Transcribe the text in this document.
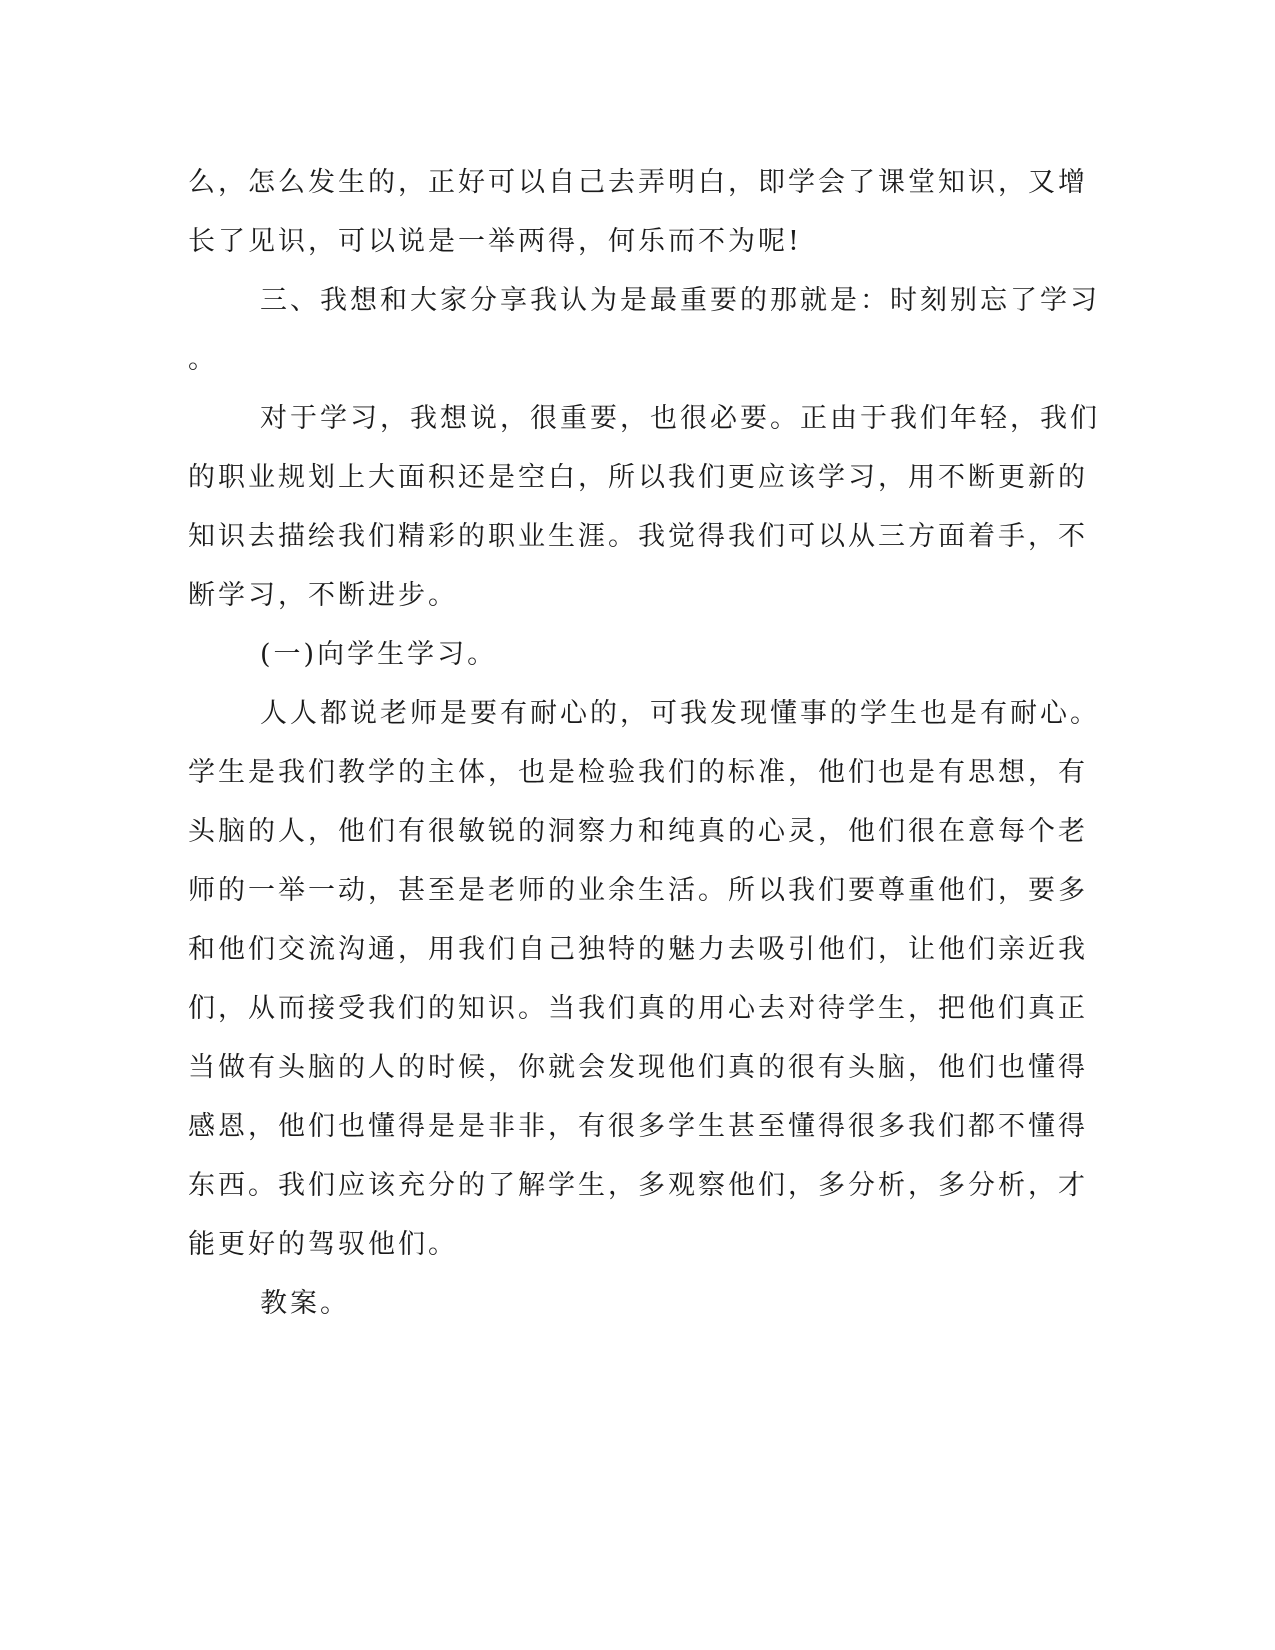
么，怎么发生的，正好可以自己去弄明白，即学会了课堂知识，又增
长了见识，可以说是一举两得，何乐而不为呢!
三、我想和大家分享我认为是最重要的那就是：时刻别忘了学习
。
对于学习，我想说，很重要，也很必要。正由于我们年轻，我们
的职业规划上大面积还是空白，所以我们更应该学习，用不断更新的
知识去描绘我们精彩的职业生涯。我觉得我们可以从三方面着手，不
断学习，不断进步。
(一)向学生学习。
人人都说老师是要有耐心的，可我发现懂事的学生也是有耐心。
学生是我们教学的主体，也是检验我们的标准，他们也是有思想，有
头脑的人，他们有很敏锐的洞察力和纯真的心灵，他们很在意每个老
师的一举一动，甚至是老师的业余生活。所以我们要尊重他们，要多
和他们交流沟通，用我们自己独特的魅力去吸引他们，让他们亲近我
们，从而接受我们的知识。当我们真的用心去对待学生，把他们真正
当做有头脑的人的时候，你就会发现他们真的很有头脑，他们也懂得
感恩，他们也懂得是是非非，有很多学生甚至懂得很多我们都不懂得
东西。我们应该充分的了解学生，多观察他们，多分析，多分析，才
能更好的驾驭他们。
教案。
